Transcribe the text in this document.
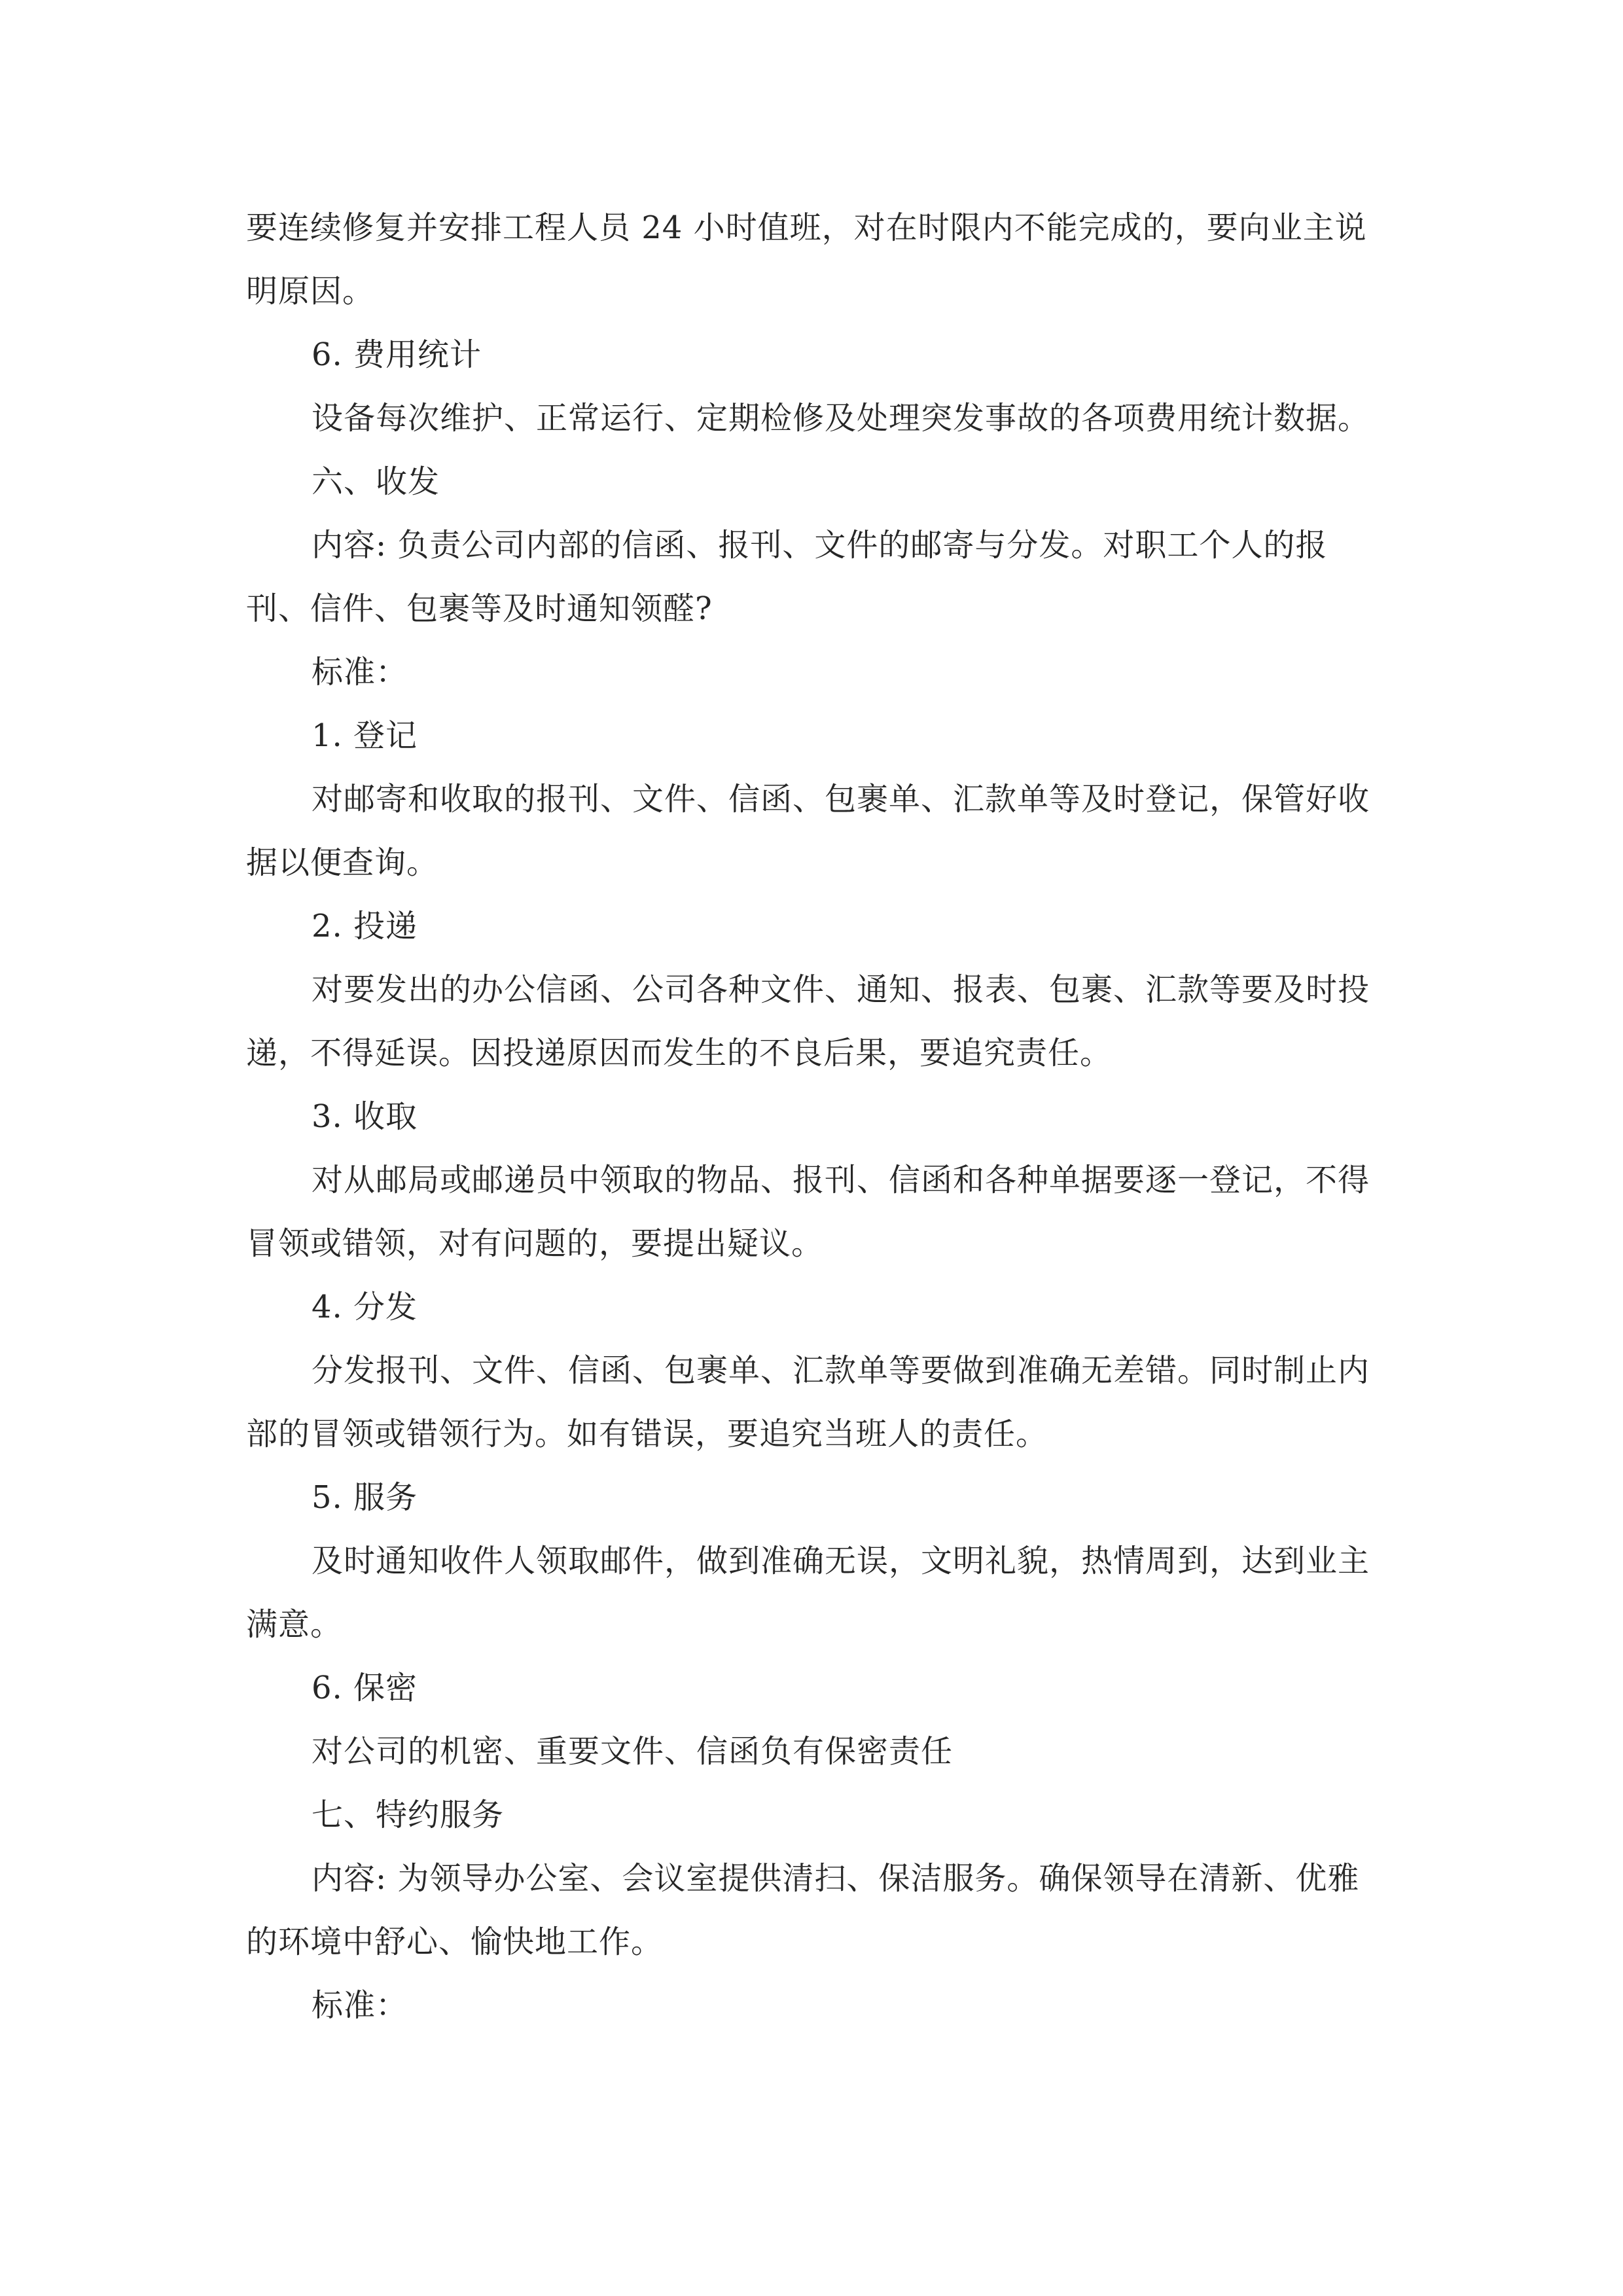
要连续修复并安排工程人员 24 小时值班，对在时限内不能完成的，要向业主说明原因。

6. 费用统计

设备每次维护、正常运行、定期检修及处理突发事故的各项费用统计数据。

六、收发

内容: 负责公司内部的信函、报刊、文件的邮寄与分发。对职工个人的报刊、信件、包裹等及时通知领醛?

标准：

1. 登记

对邮寄和收取的报刊、文件、信函、包裹单、汇款单等及时登记，保管好收据以便查询。

2. 投递

对要发出的办公信函、公司各种文件、通知、报表、包裹、汇款等要及时投递，不得延误。因投递原因而发生的不良后果，要追究责任。

3. 收取

对从邮局或邮递员中领取的物品、报刊、信函和各种单据要逐一登记，不得冒领或错领，对有问题的，要提出疑议。

4. 分发

分发报刊、文件、信函、包裹单、汇款单等要做到准确无差错。同时制止内部的冒领或错领行为。如有错误，要追究当班人的责任。

5. 服务

及时通知收件人领取邮件，做到准确无误，文明礼貌，热情周到，达到业主满意。

6. 保密

对公司的机密、重要文件、信函负有保密责任

七、特约服务

内容: 为领导办公室、会议室提供清扫、保洁服务。确保领导在清新、优雅的环境中舒心、愉快地工作。

标准：
